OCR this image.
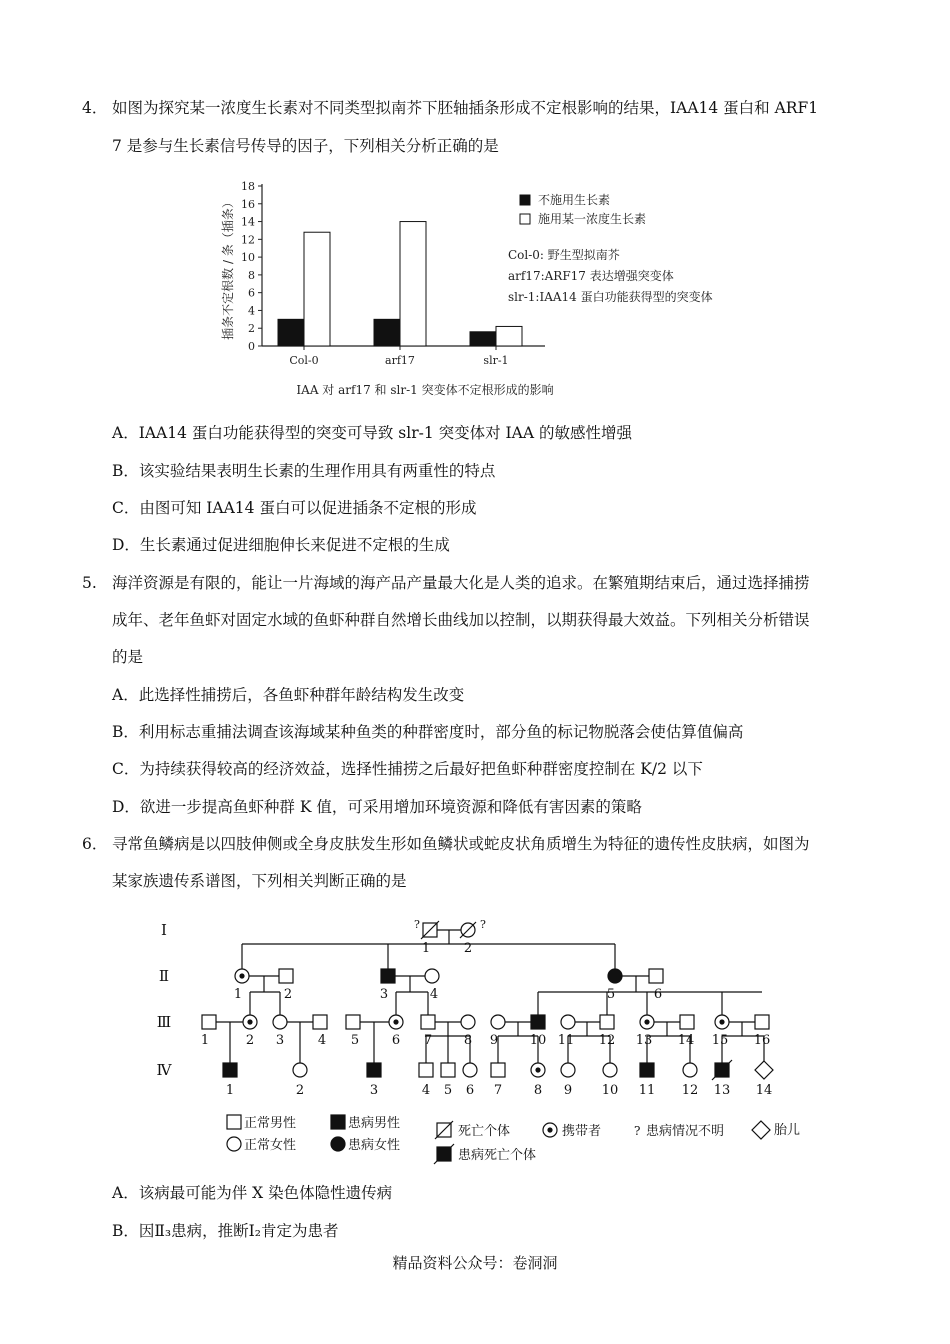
4． 如图为探究某一浓度生长素对不同类型拟南芥下胚轴插条形成不定根影响的结果，IAA14 蛋白和 ARF1
7 是参与生长素信号传导的因子，下列相关分析正确的是
0
2
4
6
8
10
12
14
16
18
插条不定根数 / 条（插条）
Col-0	arf17	slr-1
IAA 对 arf17 和 slr-1 突变体不定根形成的影响
不施用生长素
施用某一浓度生长素
Col-0: 野生型拟南芥
arf17:ARF17 表达增强突变体
slr-1:IAA14 蛋白功能获得型的突变体
A．IAA14 蛋白功能获得型的突变可导致 slr-1 突变体对 IAA 的敏感性增强
B．该实验结果表明生长素的生理作用具有两重性的特点
C．由图可知 IAA14 蛋白可以促进插条不定根的形成
D．生长素通过促进细胞伸长来促进不定根的生成
5. 海洋资源是有限的，能让一片海域的海产品产量最大化是人类的追求。在繁殖期结束后，通过选择捕捞
成年、老年鱼虾对固定水域的鱼虾种群自然增长曲线加以控制，以期获得最大效益。下列相关分析错误
的是
A．此选择性捕捞后，各鱼虾种群年龄结构发生改变
B．利用标志重捕法调查该海域某种鱼类的种群密度时，部分鱼的标记物脱落会使估算值偏高
C．为持续获得较高的经济效益，选择性捕捞之后最好把鱼虾种群密度控制在 K/2 以下
D．欲进一步提高鱼虾种群 K 值，可采用增加环境资源和降低有害因素的策略
6． 寻常鱼鳞病是以四肢伸侧或全身皮肤发生形如鱼鳞状或蛇皮状角质增生为特征的遗传性皮肤病，如图为
某家族遗传系谱图，下列相关判断正确的是
Ⅰ
Ⅱ
Ⅲ
Ⅳ
?	?
1	2
1	2	3	4	5	6
1	2 3	4 5	6 7 8 9 10 11 12 13 14 15 16
1	2	3	4 5 6 7 8 9 10 11 12 13 14
正常男性	患病男性
死亡个体	携带者	? 患病情况不明	胎儿
正常女性	患病女性
患病死亡个体
A．该病最可能为伴 X 染色体隐性遗传病
B．因Ⅱ₃患病，推断Ⅰ₂肯定为患者
精品资料公众号：卷洞洞
